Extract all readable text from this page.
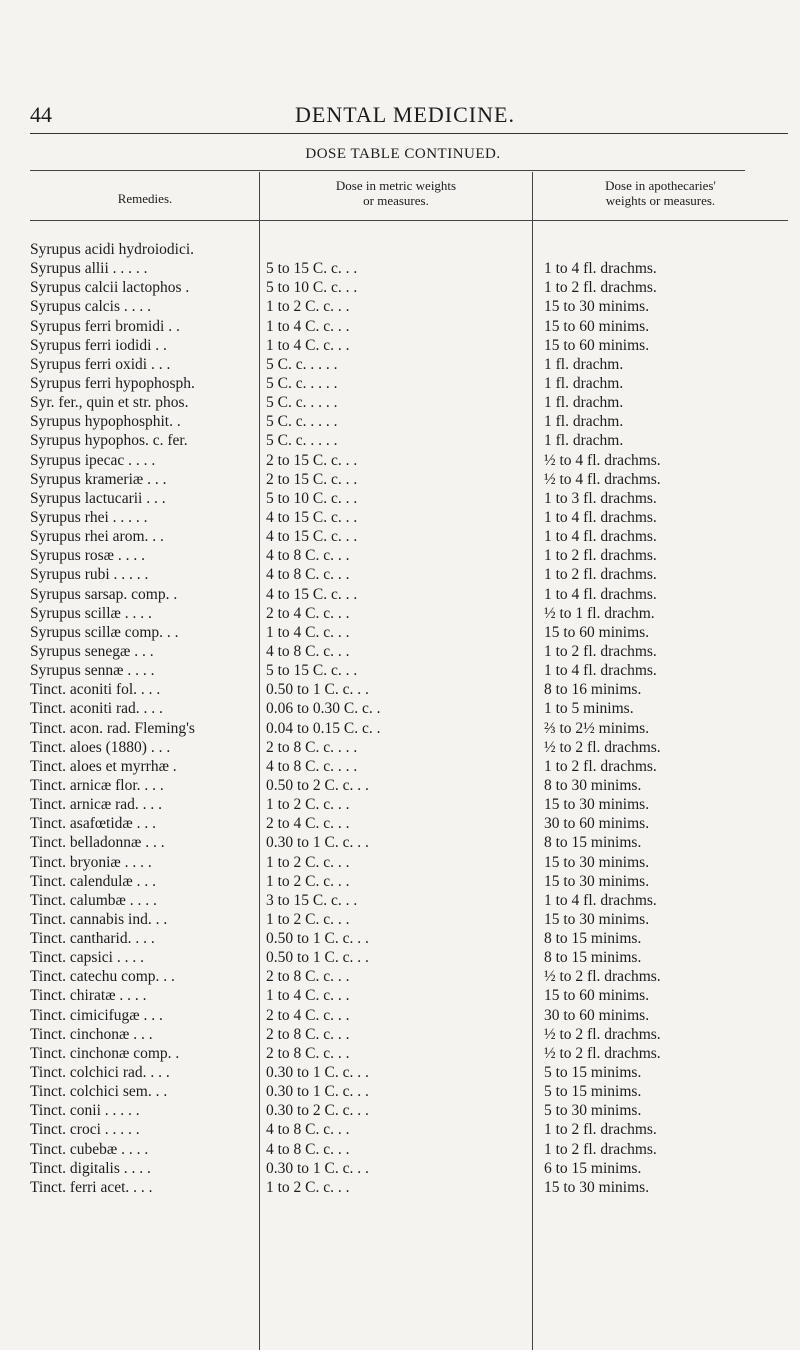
44	DENTAL MEDICINE.
DOSE TABLE CONTINUED.
Remedies.
Dose in metric weights
or measures.
Dose in apothecaries'
weights or measures.
Syrupus acidi hydroiodici.
Syrupus allii . . . . .	5 to 15 C. c. . .	1 to 4 fl. drachms.
Syrupus calcii lactophos .	5 to 10 C. c. . .	1 to 2 fl. drachms.
Syrupus calcis . . . .	1 to 2 C. c. . .	15 to 30 minims.
Syrupus ferri bromidi . .	1 to 4 C. c. . .	15 to 60 minims.
Syrupus ferri iodidi . .	1 to 4 C. c. . .	15 to 60 minims.
Syrupus ferri oxidi . . .	5 C. c. . . . .	1 fl. drachm.
Syrupus ferri hypophosph.	5 C. c. . . . .	1 fl. drachm.
Syr. fer., quin et str. phos.	5 C. c. . . . .	1 fl. drachm.
Syrupus hypophosphit. .	5 C. c. . . . .	1 fl. drachm.
Syrupus hypophos. c. fer.	5 C. c. . . . .	1 fl. drachm.
Syrupus ipecac . . . .	2 to 15 C. c. . .	½ to 4 fl. drachms.
Syrupus krameriæ . . .	2 to 15 C. c. . .	½ to 4 fl. drachms.
Syrupus lactucarii . . .	5 to 10 C. c. . .	1 to 3 fl. drachms.
Syrupus rhei . . . . .	4 to 15 C. c. . .	1 to 4 fl. drachms.
Syrupus rhei arom. . .	4 to 15 C. c. . .	1 to 4 fl. drachms.
Syrupus rosæ . . . .	4 to 8 C. c. . .	1 to 2 fl. drachms.
Syrupus rubi . . . . .	4 to 8 C. c. . .	1 to 2 fl. drachms.
Syrupus sarsap. comp. .	4 to 15 C. c. . .	1 to 4 fl. drachms.
Syrupus scillæ . . . .	2 to 4 C. c. . .	½ to 1 fl. drachm.
Syrupus scillæ comp. . .	1 to 4 C. c. . .	15 to 60 minims.
Syrupus senegæ . . .	4 to 8 C. c. . .	1 to 2 fl. drachms.
Syrupus sennæ . . . .	5 to 15 C. c. . .	1 to 4 fl. drachms.
Tinct. aconiti fol. . . .	0.50 to 1 C. c. . .	8 to 16 minims.
Tinct. aconiti rad. . . .	0.06 to 0.30 C. c. .	1 to 5 minims.
Tinct. acon. rad. Fleming's	0.04 to 0.15 C. c. .	⅔ to 2½ minims.
Tinct. aloes (1880) . . .	2 to 8 C. c. . . .	½ to 2 fl. drachms.
Tinct. aloes et myrrhæ .	4 to 8 C. c. . . .	1 to 2 fl. drachms.
Tinct. arnicæ flor. . . .	0.50 to 2 C. c. . .	8 to 30 minims.
Tinct. arnicæ rad. . . .	1 to 2 C. c. . .	15 to 30 minims.
Tinct. asafœtidæ . . .	2 to 4 C. c. . .	30 to 60 minims.
Tinct. belladonnæ . . .	0.30 to 1 C. c. . .	8 to 15 minims.
Tinct. bryoniæ . . . .	1 to 2 C. c. . .	15 to 30 minims.
Tinct. calendulæ . . .	1 to 2 C. c. . .	15 to 30 minims.
Tinct. calumbæ . . . .	3 to 15 C. c. . .	1 to 4 fl. drachms.
Tinct. cannabis ind. . .	1 to 2 C. c. . .	15 to 30 minims.
Tinct. cantharid. . . .	0.50 to 1 C. c. . .	8 to 15 minims.
Tinct. capsici . . . .	0.50 to 1 C. c. . .	8 to 15 minims.
Tinct. catechu comp. . .	2 to 8 C. c. . .	½ to 2 fl. drachms.
Tinct. chiratæ . . . .	1 to 4 C. c. . .	15 to 60 minims.
Tinct. cimicifugæ . . .	2 to 4 C. c. . .	30 to 60 minims.
Tinct. cinchonæ . . .	2 to 8 C. c. . .	½ to 2 fl. drachms.
Tinct. cinchonæ comp. .	2 to 8 C. c. . .	½ to 2 fl. drachms.
Tinct. colchici rad. . . .	0.30 to 1 C. c. . .	5 to 15 minims.
Tinct. colchici sem. . .	0.30 to 1 C. c. . .	5 to 15 minims.
Tinct. conii . . . . .	0.30 to 2 C. c. . .	5 to 30 minims.
Tinct. croci . . . . .	4 to 8 C. c. . .	1 to 2 fl. drachms.
Tinct. cubebæ . . . .	4 to 8 C. c. . .	1 to 2 fl. drachms.
Tinct. digitalis . . . .	0.30 to 1 C. c. . .	6 to 15 minims.
Tinct. ferri acet. . . .	1 to 2 C. c. . .	15 to 30 minims.
